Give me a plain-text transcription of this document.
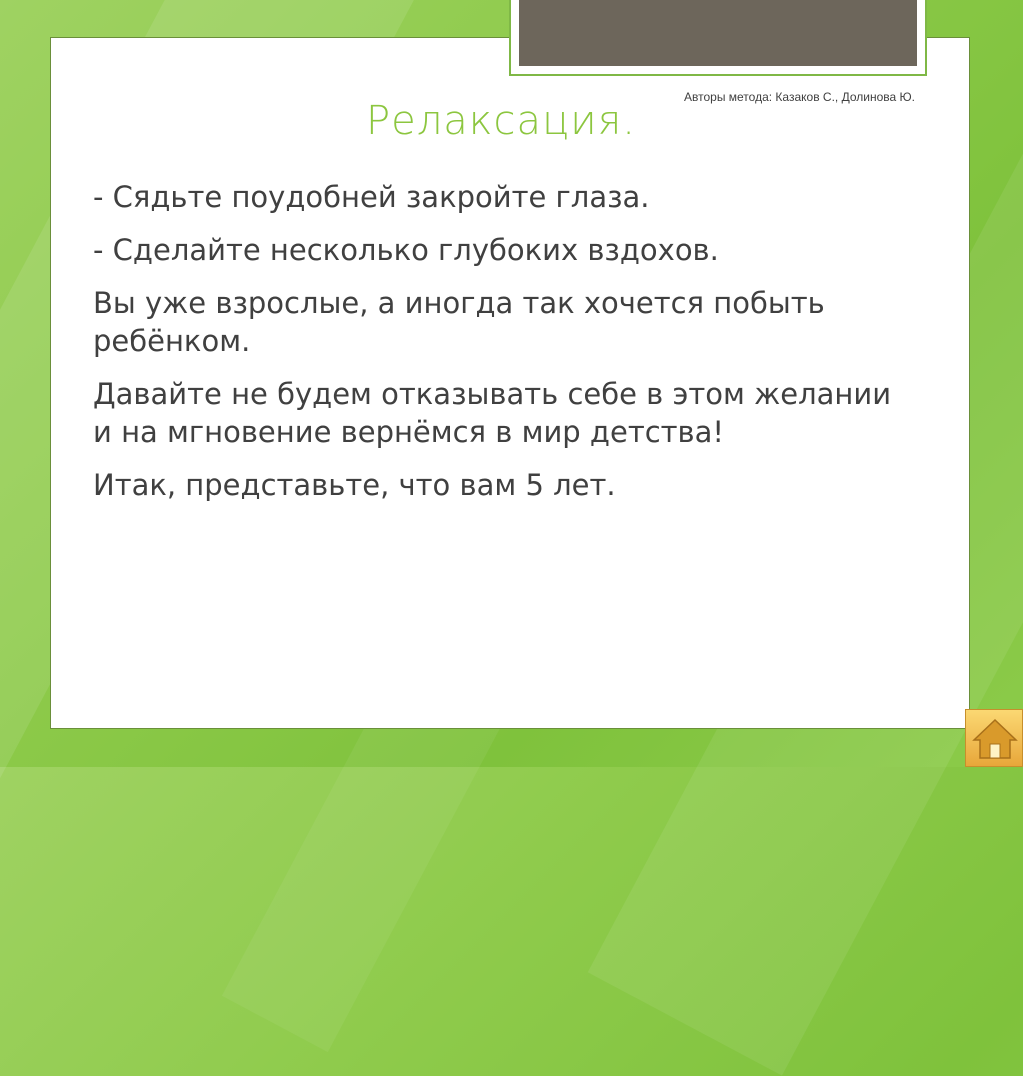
Релаксация.
Авторы метода: Казаков С., Долинова Ю.

- Сядьте поудобней закройте глаза.

- Сделайте несколько глубоких вздохов.

Вы уже взрослые, а иногда так хочется побыть ребёнком.

Давайте не будем отказывать себе в этом желании и на мгновение вернёмся в мир детства!

Итак, представьте, что вам 5 лет.
